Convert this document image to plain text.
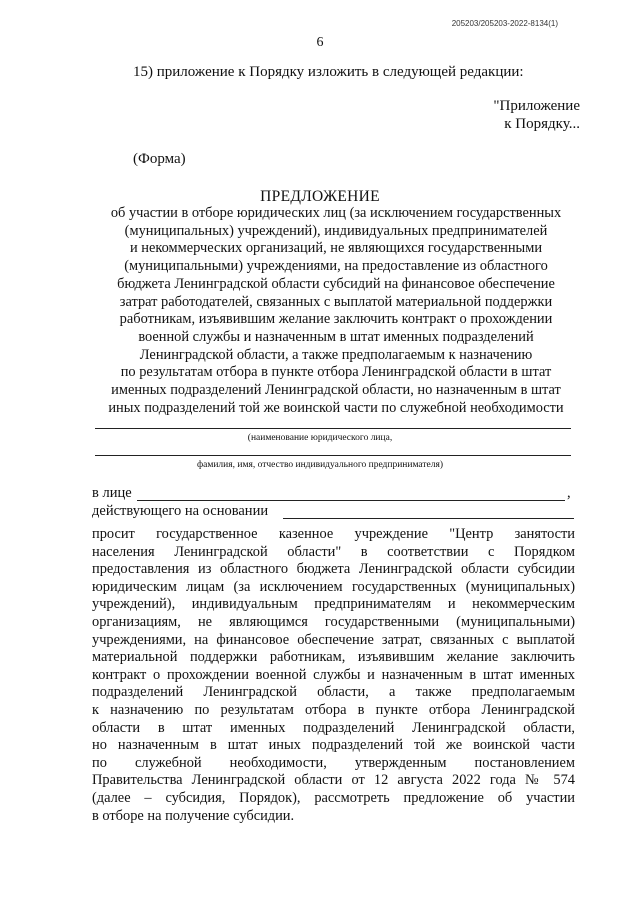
205203/205203-2022-8134(1)
6
15) приложение к Порядку изложить в следующей редакции:
"Приложение
к Порядку...
(Форма)
ПРЕДЛОЖЕНИЕ
об участии в отборе юридических лиц (за исключением государственных
(муниципальных) учреждений), индивидуальных предпринимателей
и некоммерческих организаций, не являющихся государственными
(муниципальными) учреждениями, на предоставление из областного
бюджета Ленинградской области субсидий на финансовое обеспечение
затрат работодателей, связанных с выплатой материальной поддержки
работникам, изъявившим желание заключить контракт о прохождении
военной службы и назначенным в штат именных подразделений
Ленинградской области, а также предполагаемым к назначению
по результатам отбора в пункте отбора Ленинградской области в штат
именных подразделений Ленинградской области, но назначенным в штат
иных подразделений той же воинской части по служебной необходимости
(наименование юридического лица,
фамилия, имя, отчество индивидуального предпринимателя)
в лице	,
действующего на основании
просит государственное казенное учреждение "Центр занятости
населения Ленинградской области" в соответствии с Порядком
предоставления из областного бюджета Ленинградской области субсидии
юридическим лицам (за исключением государственных (муниципальных)
учреждений), индивидуальным предпринимателям и некоммерческим
организациям, не являющимся государственными (муниципальными)
учреждениями, на финансовое обеспечение затрат, связанных с выплатой
материальной поддержки работникам, изъявившим желание заключить
контракт о прохождении военной службы и назначенным в штат именных
подразделений Ленинградской области, а также предполагаемым
к назначению по результатам отбора в пункте отбора Ленинградской
области в штат именных подразделений Ленинградской области,
но назначенным в штат иных подразделений той же воинской части
по служебной необходимости, утвержденным постановлением
Правительства Ленинградской области от 12 августа 2022 года № 574
(далее – субсидия, Порядок), рассмотреть предложение об участии
в отборе на получение субсидии.
